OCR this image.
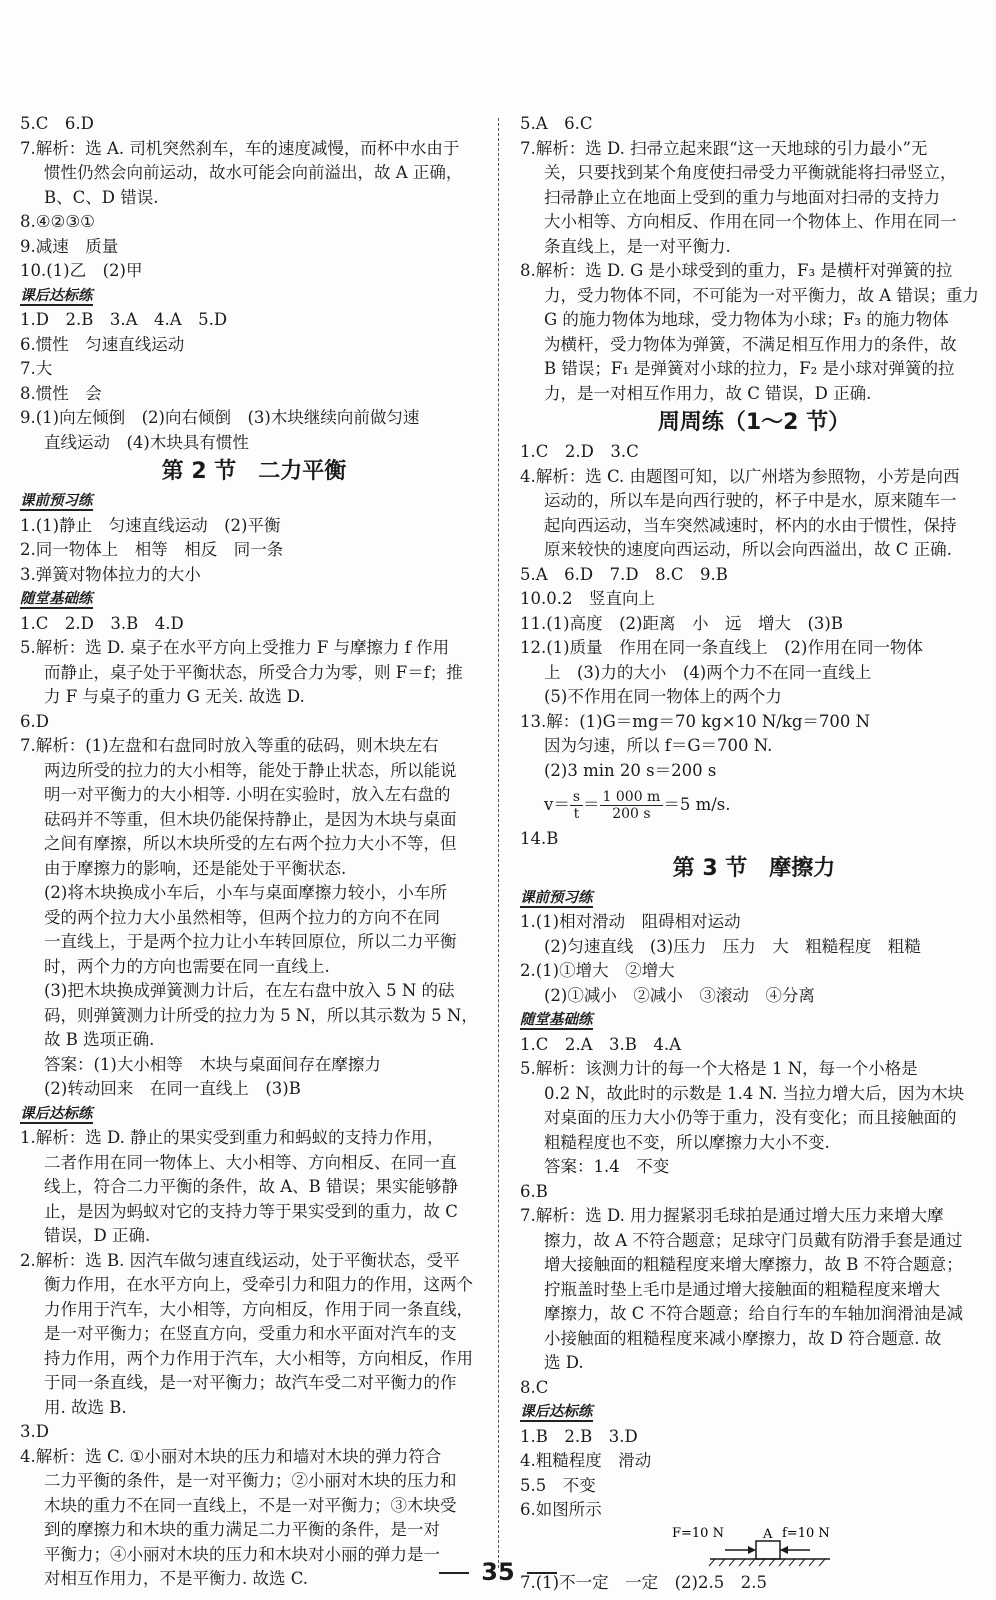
5.C　6.D
7.解析：选 A. 司机突然刹车，车的速度减慢，而杯中水由于
惯性仍然会向前运动，故水可能会向前溢出，故 A 正确，
B、C、D 错误.
8.④②③①
9.减速　质量
10.(1)乙　(2)甲
课后达标练
1.D　2.B　3.A　4.A　5.D
6.惯性　匀速直线运动
7.大
8.惯性　会
9.(1)向左倾倒　(2)向右倾倒　(3)木块继续向前做匀速
直线运动　(4)木块具有惯性
第 2 节　二力平衡
课前预习练
1.(1)静止　匀速直线运动　(2)平衡
2.同一物体上　相等　相反　同一条
3.弹簧对物体拉力的大小
随堂基础练
1.C　2.D　3.B　4.D
5.解析：选 D. 桌子在水平方向上受推力 F 与摩擦力 f 作用
而静止，桌子处于平衡状态，所受合力为零，则 F＝f；推
力 F 与桌子的重力 G 无关. 故选 D.
6.D
7.解析：(1)左盘和右盘同时放入等重的砝码，则木块左右
两边所受的拉力的大小相等，能处于静止状态，所以能说
明一对平衡力的大小相等. 小明在实验时，放入左右盘的
砝码并不等重，但木块仍能保持静止，是因为木块与桌面
之间有摩擦，所以木块所受的左右两个拉力大小不等，但
由于摩擦力的影响，还是能处于平衡状态.
(2)将木块换成小车后，小车与桌面摩擦力较小，小车所
受的两个拉力大小虽然相等，但两个拉力的方向不在同
一直线上，于是两个拉力让小车转回原位，所以二力平衡
时，两个力的方向也需要在同一直线上.
(3)把木块换成弹簧测力计后，在左右盘中放入 5 N 的砝
码，则弹簧测力计所受的拉力为 5 N，所以其示数为 5 N，
故 B 选项正确.
答案：(1)大小相等　木块与桌面间存在摩擦力
(2)转动回来　在同一直线上　(3)B
课后达标练
1.解析：选 D. 静止的果实受到重力和蚂蚁的支持力作用，
二者作用在同一物体上、大小相等、方向相反、在同一直
线上，符合二力平衡的条件，故 A、B 错误；果实能够静
止，是因为蚂蚁对它的支持力等于果实受到的重力，故 C
错误，D 正确.
2.解析：选 B. 因汽车做匀速直线运动，处于平衡状态，受平
衡力作用，在水平方向上，受牵引力和阻力的作用，这两个
力作用于汽车，大小相等，方向相反，作用于同一条直线，
是一对平衡力；在竖直方向，受重力和水平面对汽车的支
持力作用，两个力作用于汽车，大小相等，方向相反，作用
于同一条直线，是一对平衡力；故汽车受二对平衡力的作
用. 故选 B.
3.D
4.解析：选 C. ①小丽对木块的压力和墙对木块的弹力符合
二力平衡的条件，是一对平衡力；②小丽对木块的压力和
木块的重力不在同一直线上，不是一对平衡力；③木块受
到的摩擦力和木块的重力满足二力平衡的条件，是一对
平衡力；④小丽对木块的压力和木块对小丽的弹力是一
对相互作用力，不是平衡力. 故选 C.
5.A　6.C
7.解析：选 D. 扫帚立起来跟“这一天地球的引力最小”无
关，只要找到某个角度使扫帚受力平衡就能将扫帚竖立，
扫帚静止立在地面上受到的重力与地面对扫帚的支持力
大小相等、方向相反、作用在同一个物体上、作用在同一
条直线上，是一对平衡力.
8.解析：选 D. G 是小球受到的重力，F₃ 是横杆对弹簧的拉
力，受力物体不同，不可能为一对平衡力，故 A 错误；重力
G 的施力物体为地球，受力物体为小球；F₃ 的施力物体
为横杆，受力物体为弹簧，不满足相互作用力的条件，故
B 错误；F₁ 是弹簧对小球的拉力，F₂ 是小球对弹簧的拉
力，是一对相互作用力，故 C 错误，D 正确.
周周练（1～2 节）
1.C　2.D　3.C
4.解析：选 C. 由题图可知，以广州塔为参照物，小芳是向西
运动的，所以车是向西行驶的，杯子中是水，原来随车一
起向西运动，当车突然减速时，杯内的水由于惯性，保持
原来较快的速度向西运动，所以会向西溢出，故 C 正确.
5.A　6.D　7.D　8.C　9.B
10.0.2　竖直向上
11.(1)高度　(2)距离　小　远　增大　(3)B
12.(1)质量　作用在同一条直线上　(2)作用在同一物体
上　(3)力的大小　(4)两个力不在同一直线上
(5)不作用在同一物体上的两个力
13.解：(1)G＝mg＝70 kg×10 N/kg＝700 N
因为匀速，所以 f＝G＝700 N.
(2)3 min 20 s＝200 s
$v= \frac{s}{t} = \frac{1 000 m}{200 s} =5$ m/s.
14.B
第 3 节　摩擦力
课前预习练
1.(1)相对滑动　阻碍相对运动
(2)匀速直线　(3)压力　压力　大　粗糙程度　粗糙
2.(1)①增大　②增大
(2)①减小　②减小　③滚动　④分离
随堂基础练
1.C　2.A　3.B　4.A
5.解析：该测力计的每一个大格是 1 N，每一个小格是
0.2 N，故此时的示数是 1.4 N. 当拉力增大后，因为木块
对桌面的压力大小仍等于重力，没有变化；而且接触面的
粗糙程度也不变，所以摩擦力大小不变.
答案：1.4　不变
6.B
7.解析：选 D. 用力握紧羽毛球拍是通过增大压力来增大摩
擦力，故 A 不符合题意；足球守门员戴有防滑手套是通过
增大接触面的粗糙程度来增大摩擦力，故 B 不符合题意；
拧瓶盖时垫上毛巾是通过增大接触面的粗糙程度来增大
摩擦力，故 C 不符合题意；给自行车的车轴加润滑油是减
小接触面的粗糙程度来减小摩擦力，故 D 符合题意. 故
选 D.
8.C
课后达标练
1.B　2.B　3.D
4.粗糙程度　滑动
5.5　不变
6.如图所示
F=10 N	f=10 N
A
7.(1)不一定　一定　(2)2.5　2.5
35
